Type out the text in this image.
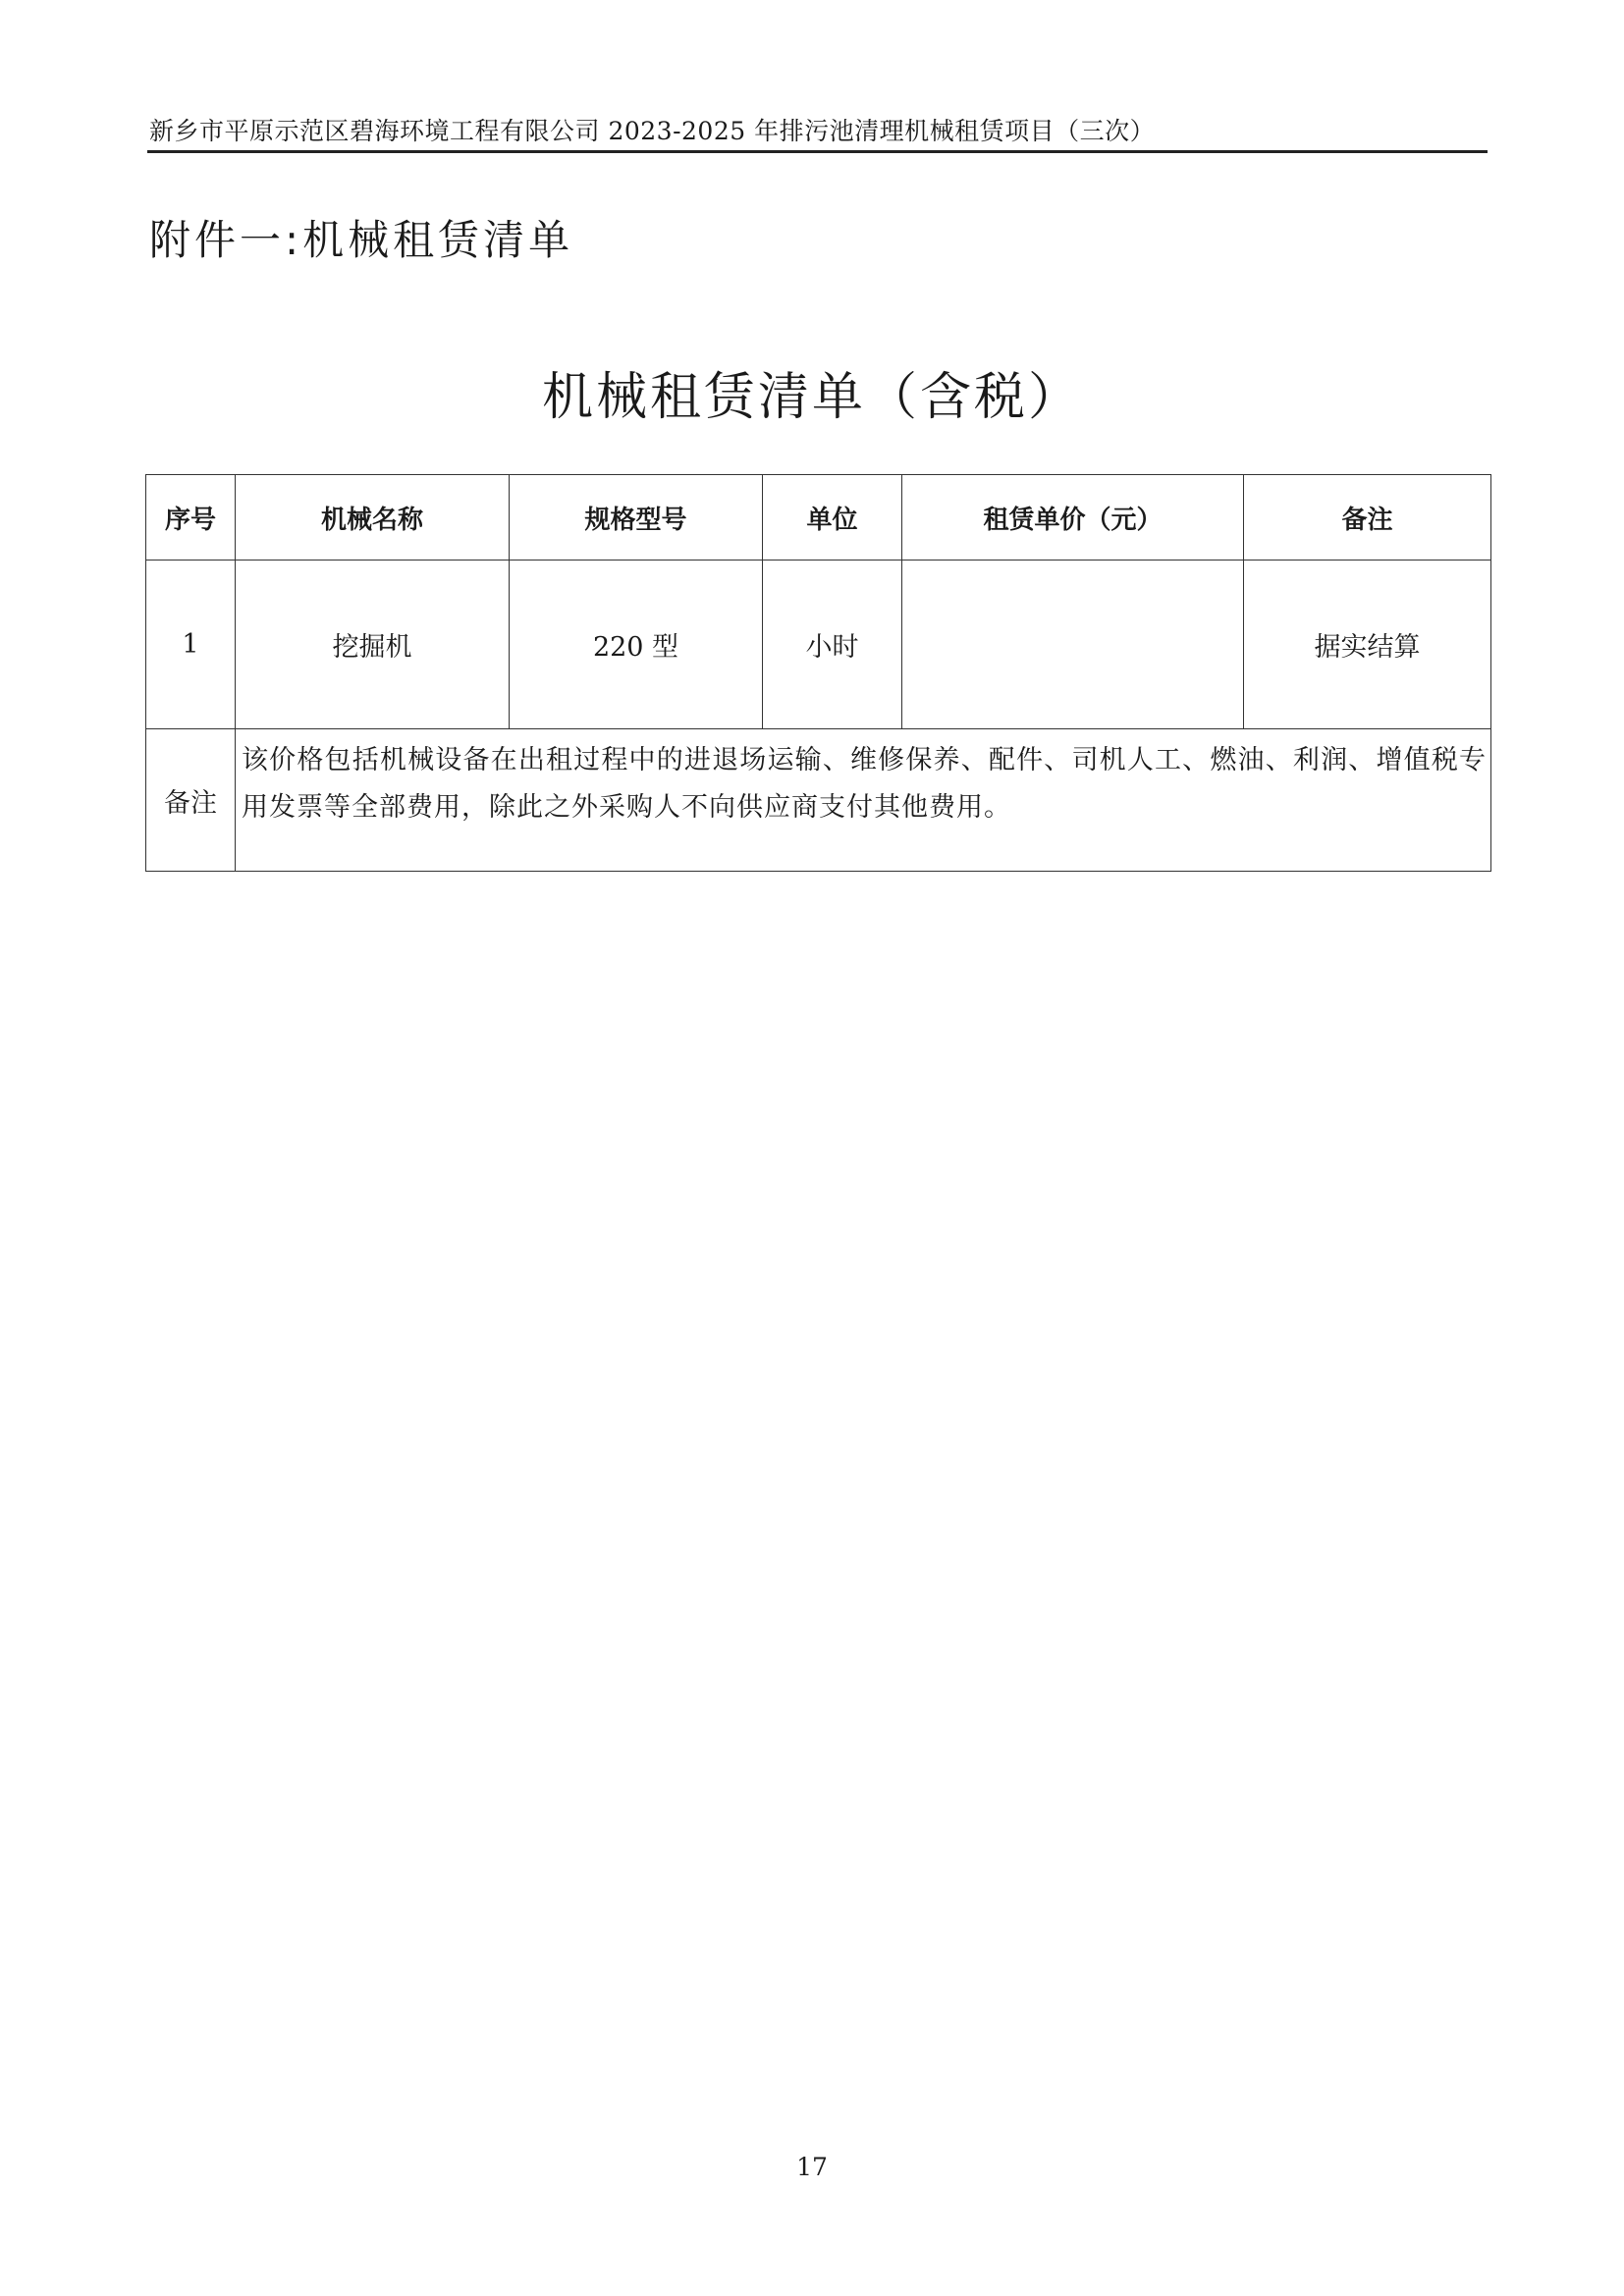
新乡市平原示范区碧海环境工程有限公司 2023-2025 年排污池清理机械租赁项目（三次）
附件一:机械租赁清单
机械租赁清单（含税）
序号	机械名称	规格型号	单位	租赁单价（元）	备注
1	挖掘机	220 型	小时		据实结算
备注	该价格包括机械设备在出租过程中的进退场运输、维修保养、配件、司机人工、燃油、利润、增值税专用发票等全部费用，除此之外采购人不向供应商支付其他费用。				
17
